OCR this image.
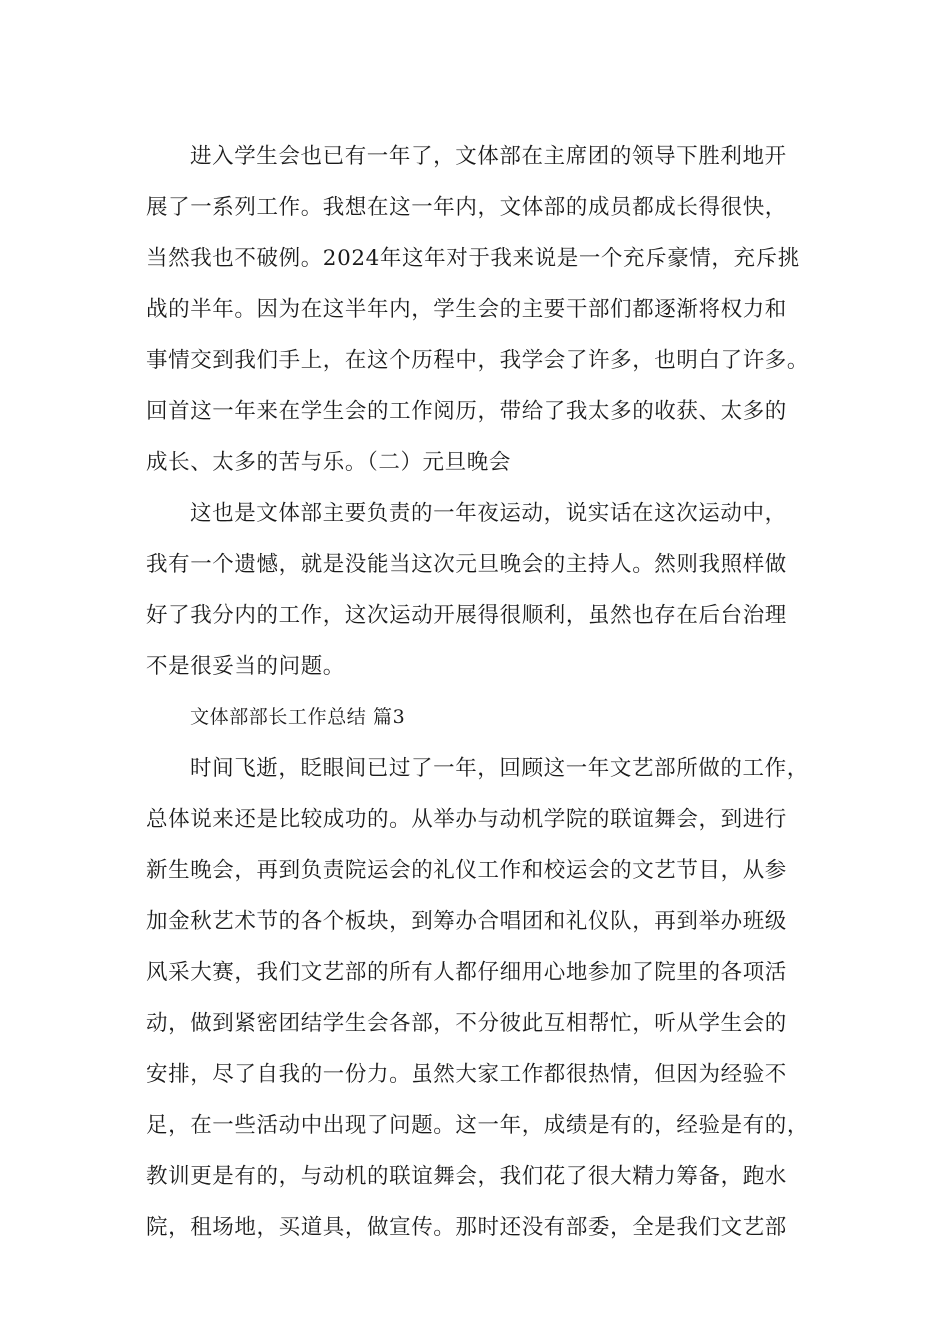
进入学生会也已有一年了，文体部在主席团的领导下胜利地开
展了一系列工作。我想在这一年内，文体部的成员都成长得很快，
当然我也不破例。2024年这年对于我来说是一个充斥豪情，充斥挑
战的半年。因为在这半年内，学生会的主要干部们都逐渐将权力和
事情交到我们手上，在这个历程中，我学会了许多，也明白了许多。
回首这一年来在学生会的工作阅历，带给了我太多的收获、太多的
成长、太多的苦与乐。（二）元旦晚会
这也是文体部主要负责的一年夜运动，说实话在这次运动中，
我有一个遗憾，就是没能当这次元旦晚会的主持人。然则我照样做
好了我分内的工作，这次运动开展得很顺利，虽然也存在后台治理
不是很妥当的问题。
文体部部长工作总结 篇3
时间飞逝，眨眼间已过了一年，回顾这一年文艺部所做的工作，
总体说来还是比较成功的。从举办与动机学院的联谊舞会，到进行
新生晚会，再到负责院运会的礼仪工作和校运会的文艺节目，从参
加金秋艺术节的各个板块，到筹办合唱团和礼仪队，再到举办班级
风采大赛，我们文艺部的所有人都仔细用心地参加了院里的各项活
动，做到紧密团结学生会各部，不分彼此互相帮忙，听从学生会的
安排，尽了自我的一份力。虽然大家工作都很热情，但因为经验不
足，在一些活动中出现了问题。这一年，成绩是有的，经验是有的，
教训更是有的，与动机的联谊舞会，我们花了很大精力筹备，跑水
院，租场地，买道具，做宣传。那时还没有部委，全是我们文艺部
